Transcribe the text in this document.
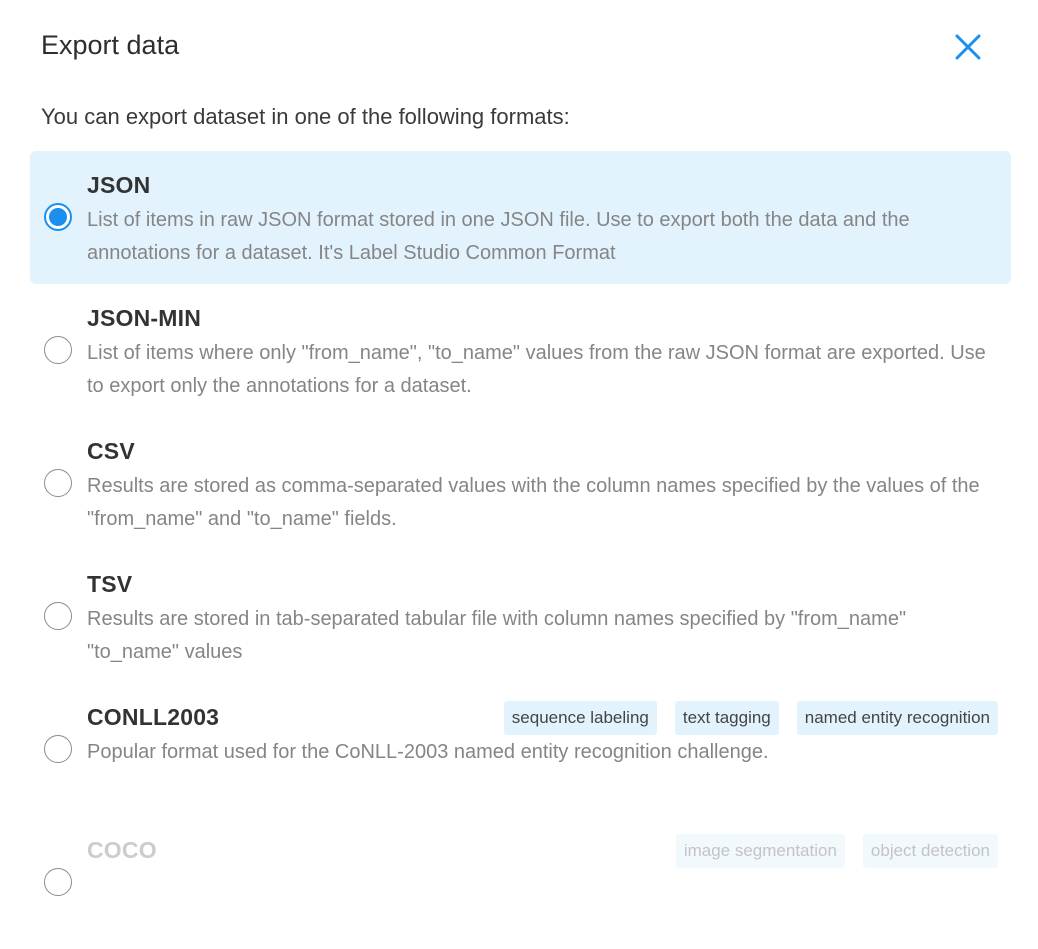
Export data
You can export dataset in one of the following formats:
JSON
List of items in raw JSON format stored in one JSON file. Use to export both the data and the annotations for a dataset. It's Label Studio Common Format
JSON-MIN
List of items where only "from_name", "to_name" values from the raw JSON format are exported. Use to export only the annotations for a dataset.
CSV
Results are stored as comma-separated values with the column names specified by the values of the "from_name" and "to_name" fields.
TSV
Results are stored in tab-separated tabular file with column names specified by "from_name" "to_name" values
CONLL2003	sequence labeling	text tagging	named entity recognition
Popular format used for the CoNLL-2003 named entity recognition challenge.
COCO	image segmentation	object detection
